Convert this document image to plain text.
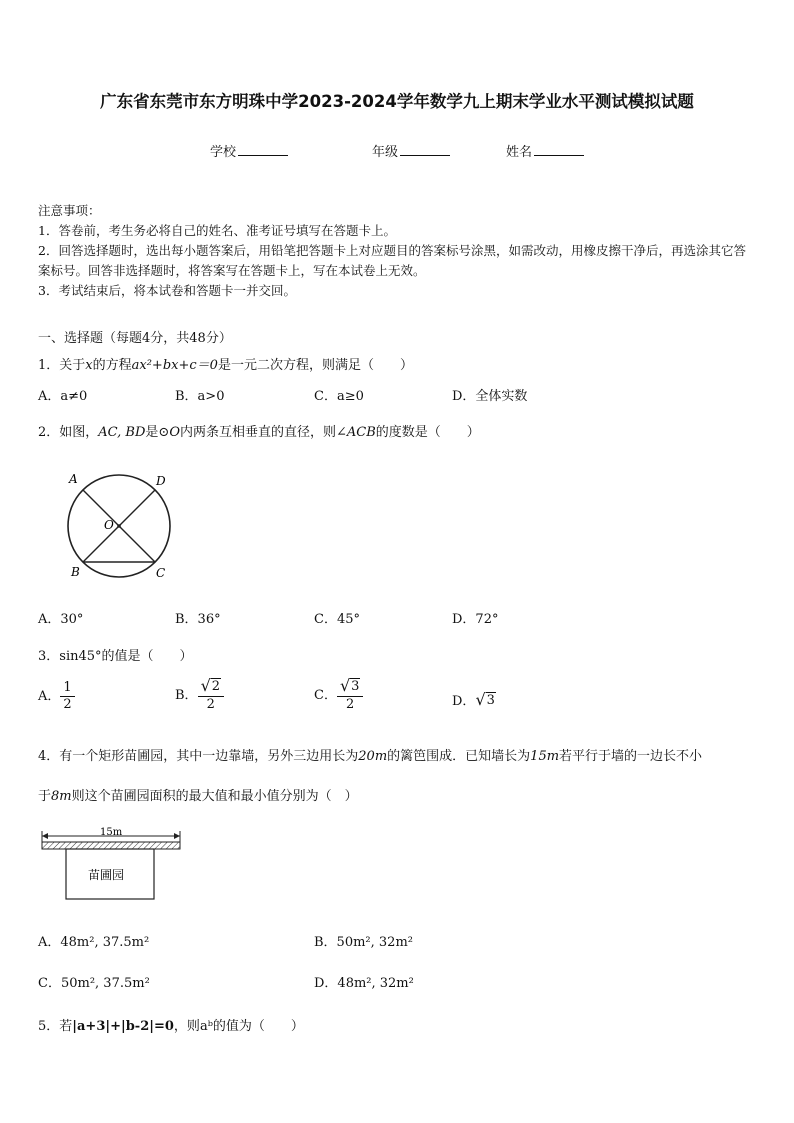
广东省东莞市东方明珠中学2023-2024学年数学九上期末学业水平测试模拟试题
学校	年级	姓名

注意事项：

1．答卷前，考生务必将自己的姓名、准考证号填写在答题卡上。

2．回答选择题时，选出每小题答案后，用铅笔把答题卡上对应题目的答案标号涂黑，如需改动，用橡皮擦干净后，再选涂其它答案标号。回答非选择题时，将答案写在答题卡上，写在本试卷上无效。

3．考试结束后，将本试卷和答题卡一并交回。

一、选择题（每题4分，共48分）
1．关于x的方程ax²+bx+c＝0是一元二次方程，则满足（　　）
A．a≠0	B．a>0	C．a≥0	D．全体实数
2．如图，AC, BD是⊙O内两条互相垂直的直径，则∠ACB的度数是（　　）
A	D
O
B	C
A．30°	B．36°	C．45°	D．72°
3．sin45°的值是（　　）
A． $\frac{1}{2}$	B． $\frac{√ 2}{2}$	C． $\frac{√ 3}{2}$	D． √ 3
4．有一个矩形苗圃园，其中一边靠墙，另外三边用长为20m的篱笆围成．已知墙长为15m若平行于墙的一边长不小
于8m则这个苗圃园面积的最大值和最小值分别为（　）
15m
苗圃园
A．48m², 37.5m²	B．50m², 32m²
C．50m², 37.5m²	D．48m², 32m²
5．若|a+3|+|b-2|=0，则aᵇ的值为（　　）
